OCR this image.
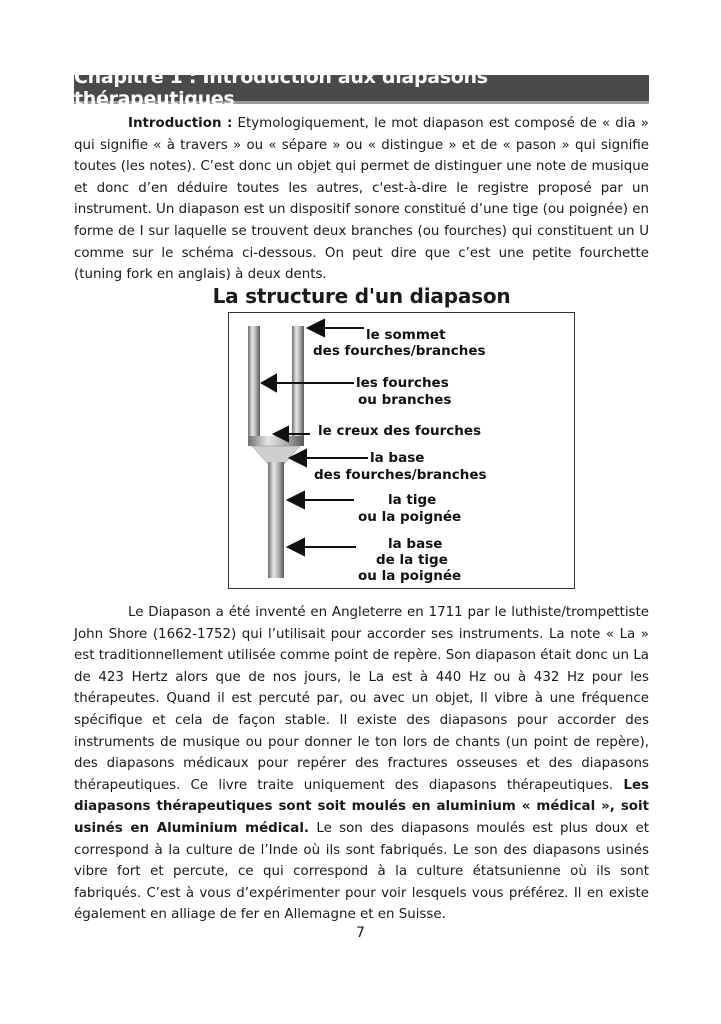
Chapitre 1 : Introduction aux diapasons thérapeutiques

Introduction : Etymologiquement, le mot diapason est composé de « dia » qui signifie « à travers » ou « sépare » ou « distingue » et de « pason » qui signifie toutes (les notes). C’est donc un objet qui permet de distinguer une note de musique et donc d’en déduire toutes les autres, c'est-à-dire le registre proposé par un instrument. Un diapason est un dispositif sonore constitué d’une tige (ou poignée) en forme de I sur laquelle se trouvent deux branches (ou fourches) qui constituent un U comme sur le schéma ci-dessous. On peut dire que c’est une petite fourchette (tuning fork en anglais) à deux dents.

La structure d'un diapason
le sommet
des fourches/branches
les fourches
ou branches
le creux des fourches
la base
des fourches/branches
la tige
ou la poignée
la base
de la tige
ou la poignée

Le Diapason a été inventé en Angleterre en 1711 par le luthiste/trompettiste John Shore (1662-1752) qui l’utilisait pour accorder ses instruments. La note « La » est traditionnellement utilisée comme point de repère. Son diapason était donc un La de 423 Hertz alors que de nos jours, le La est à 440 Hz ou à 432 Hz pour les thérapeutes. Quand il est percuté par, ou avec un objet, Il vibre à une fréquence spécifique et cela de façon stable. Il existe des diapasons pour accorder des instruments de musique ou pour donner le ton lors de chants (un point de repère), des diapasons médicaux pour repérer des fractures osseuses et des diapasons thérapeutiques. Ce livre traite uniquement des diapasons thérapeutiques. Les diapasons thérapeutiques sont soit moulés en aluminium « médical », soit usinés en Aluminium médical. Le son des diapasons moulés est plus doux et correspond à la culture de l’Inde où ils sont fabriqués. Le son des diapasons usinés vibre fort et percute, ce qui correspond à la culture étatsunienne où ils sont fabriqués. C’est à vous d’expérimenter pour voir lesquels vous préférez. Il en existe également en alliage de fer en Allemagne et en Suisse.

7
